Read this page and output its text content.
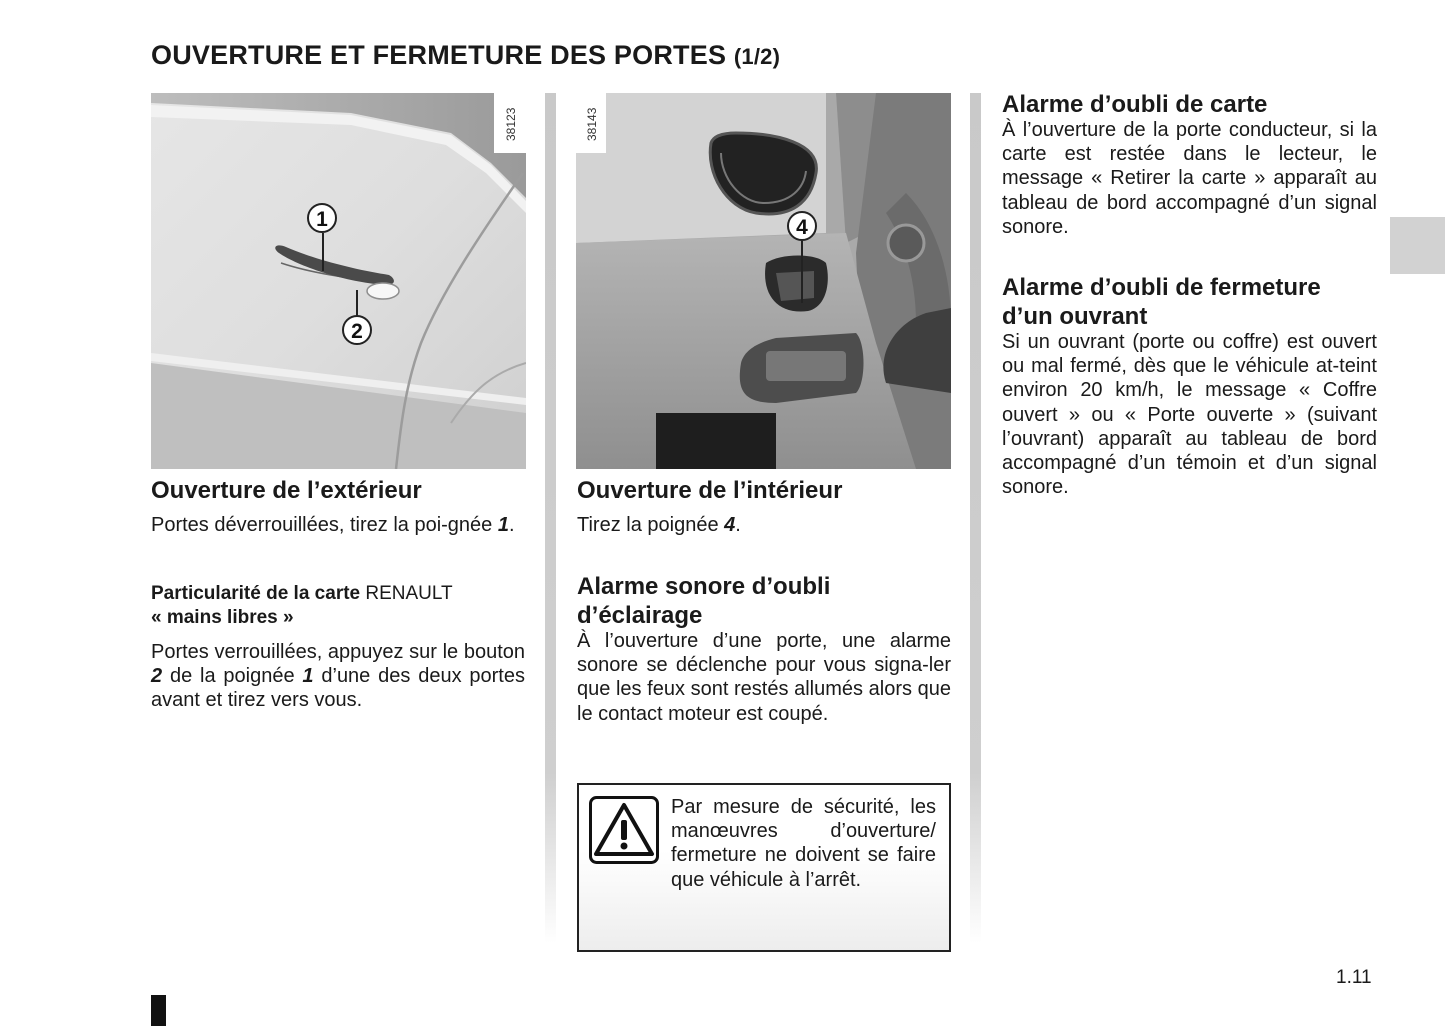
OUVERTURE ET FERMETURE DES PORTES (1/2)
1
2
38123
4
38143
Ouverture de l’extérieur
Portes déverrouillées, tirez la poi-gnée 1.
Particularité de la carte RENAULT
« mains libres »
Portes verrouillées, appuyez sur le bouton 2 de la poignée 1 d’une des deux portes avant et tirez vers vous.
Ouverture de l’intérieur
Tirez la poignée 4.
Alarme sonore d’oubli
d’éclairage
À l’ouverture d’une porte, une alarme sonore se déclenche pour vous signa-ler que les feux sont restés allumés alors que le contact moteur est coupé.
Par mesure de sécurité, les manœuvres d’ouverture/ fermeture ne doivent se faire que véhicule à l’arrêt.
Alarme d’oubli de carte
À l’ouverture de la porte conducteur, si la carte est restée dans le lecteur, le message « Retirer la carte » apparaît au tableau de bord accompagné d’un signal sonore.
Alarme d’oubli de fermeture
d’un ouvrant
Si un ouvrant (porte ou coffre) est ouvert ou mal fermé, dès que le véhicule at-teint environ 20 km/h, le message « Coffre ouvert » ou « Porte ouverte » (suivant l’ouvrant) apparaît au tableau de bord accompagné d’un témoin et d’un signal sonore.
1.11
